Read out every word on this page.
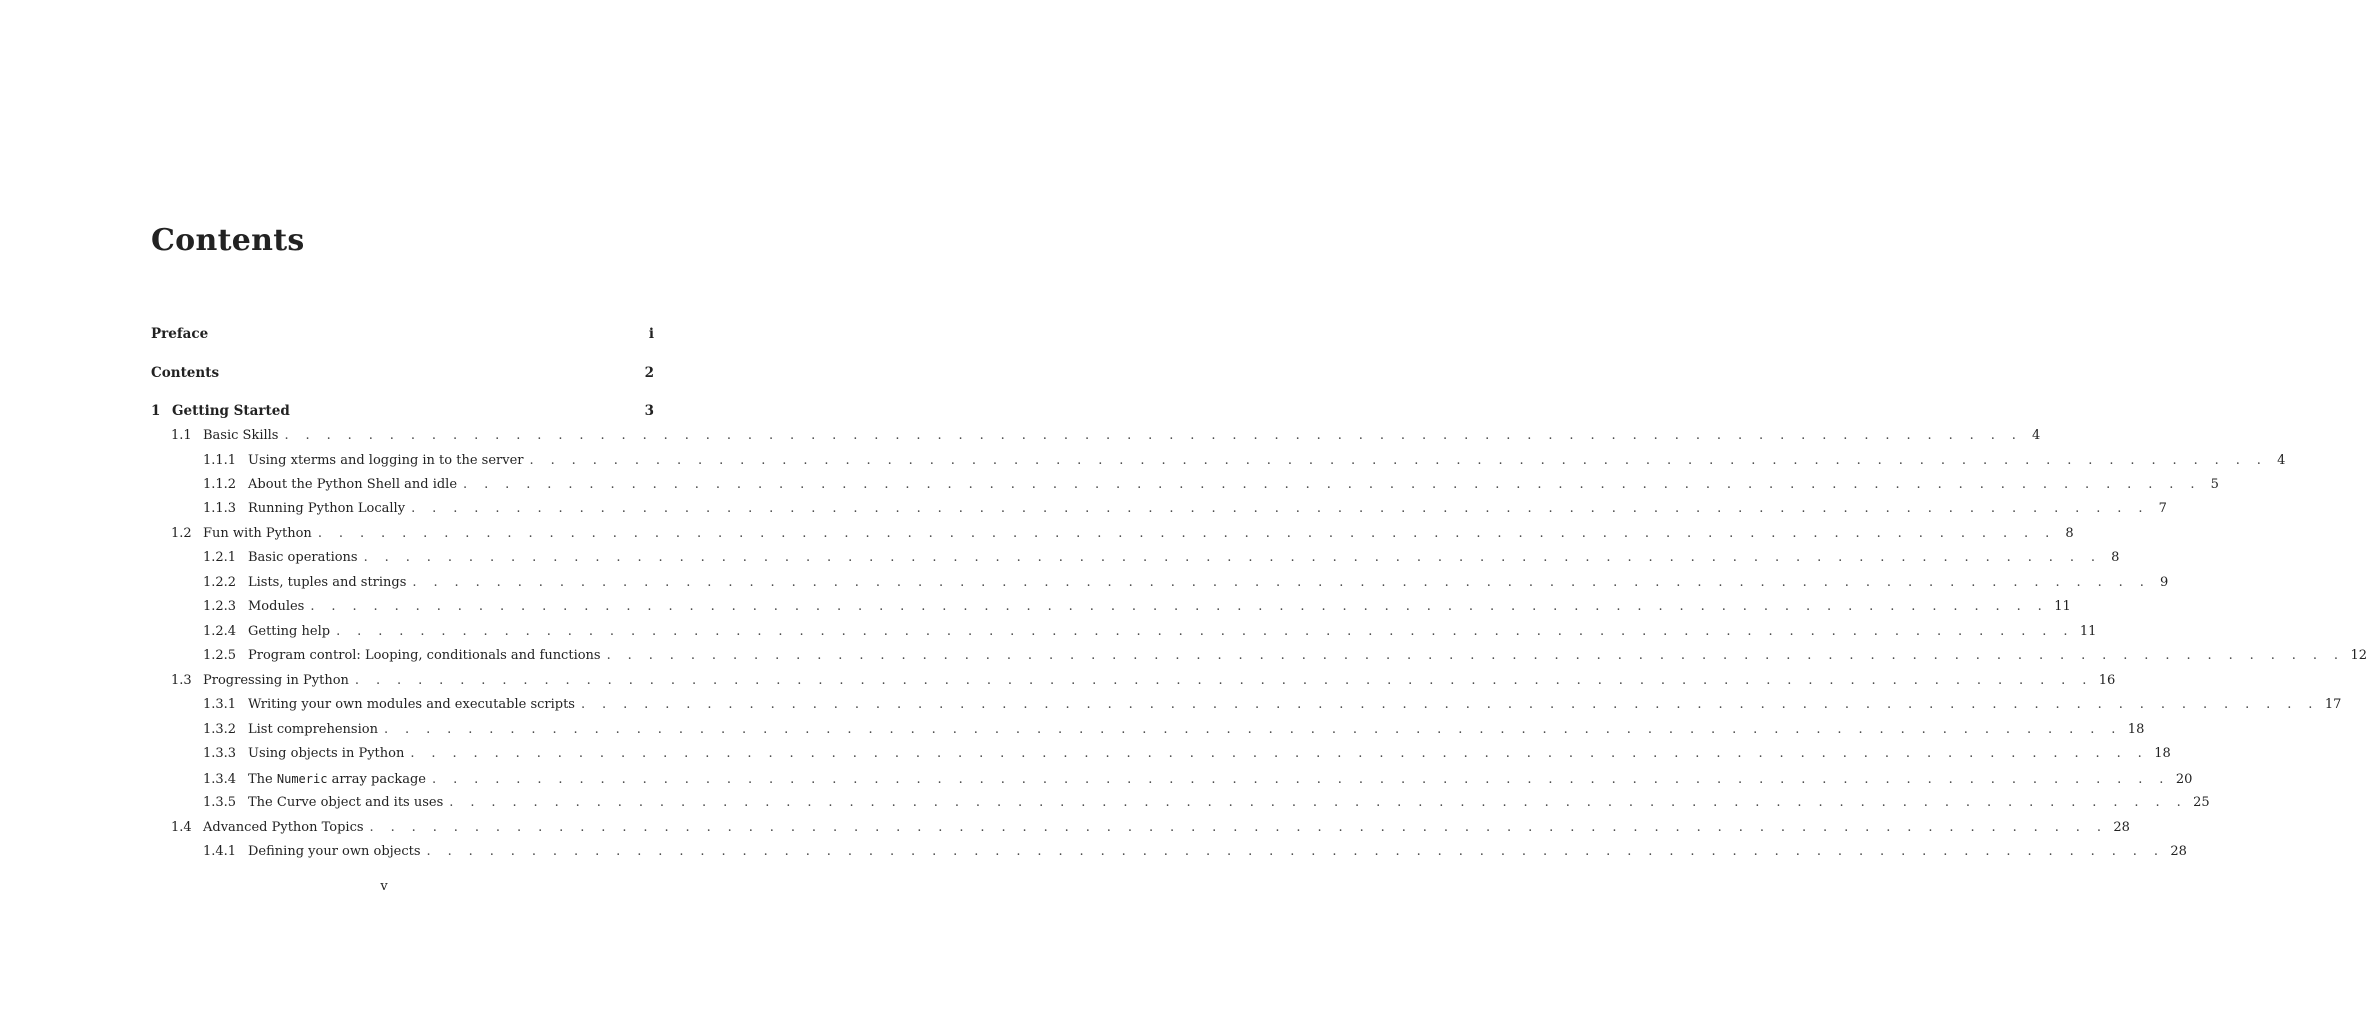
Contents
Preface	i
Contents	2
1 Getting Started	3
1.1 Basic Skills . . . . . . . . . . . . . . . . . . . . . . . . . . . . . . . . . . . . . . . . . . . . . . . . . . . . . . . . . . . . . . . . . . . . . . . . . . . . . . . . . . . 4
1.1.1 Using xterms and logging in to the server . . . . . . . . . . . . . . . . . . . . . . . . . . . . . . . . . . . . . . . . . . . . . . . . . . . . . . . . . . . . . . . . . . . . . . . . . . . . . . . . . . . 4
1.1.2 About the Python Shell and idle . . . . . . . . . . . . . . . . . . . . . . . . . . . . . . . . . . . . . . . . . . . . . . . . . . . . . . . . . . . . . . . . . . . . . . . . . . . . . . . . . . . 5
1.1.3 Running Python Locally . . . . . . . . . . . . . . . . . . . . . . . . . . . . . . . . . . . . . . . . . . . . . . . . . . . . . . . . . . . . . . . . . . . . . . . . . . . . . . . . . . . 7
1.2 Fun with Python . . . . . . . . . . . . . . . . . . . . . . . . . . . . . . . . . . . . . . . . . . . . . . . . . . . . . . . . . . . . . . . . . . . . . . . . . . . . . . . . . . . 8
1.2.1 Basic operations . . . . . . . . . . . . . . . . . . . . . . . . . . . . . . . . . . . . . . . . . . . . . . . . . . . . . . . . . . . . . . . . . . . . . . . . . . . . . . . . . . . 8
1.2.2 Lists, tuples and strings . . . . . . . . . . . . . . . . . . . . . . . . . . . . . . . . . . . . . . . . . . . . . . . . . . . . . . . . . . . . . . . . . . . . . . . . . . . . . . . . . . . 9
1.2.3 Modules . . . . . . . . . . . . . . . . . . . . . . . . . . . . . . . . . . . . . . . . . . . . . . . . . . . . . . . . . . . . . . . . . . . . . . . . . . . . . . . . . . . 11
1.2.4 Getting help . . . . . . . . . . . . . . . . . . . . . . . . . . . . . . . . . . . . . . . . . . . . . . . . . . . . . . . . . . . . . . . . . . . . . . . . . . . . . . . . . . . 11
1.2.5 Program control: Looping, conditionals and functions . . . . . . . . . . . . . . . . . . . . . . . . . . . . . . . . . . . . . . . . . . . . . . . . . . . . . . . . . . . . . . . . . . . . . . . . . . . . . . . . . . . 12
1.3 Progressing in Python . . . . . . . . . . . . . . . . . . . . . . . . . . . . . . . . . . . . . . . . . . . . . . . . . . . . . . . . . . . . . . . . . . . . . . . . . . . . . . . . . . . 16
1.3.1 Writing your own modules and executable scripts . . . . . . . . . . . . . . . . . . . . . . . . . . . . . . . . . . . . . . . . . . . . . . . . . . . . . . . . . . . . . . . . . . . . . . . . . . . . . . . . . . . 17
1.3.2 List comprehension . . . . . . . . . . . . . . . . . . . . . . . . . . . . . . . . . . . . . . . . . . . . . . . . . . . . . . . . . . . . . . . . . . . . . . . . . . . . . . . . . . . 18
1.3.3 Using objects in Python . . . . . . . . . . . . . . . . . . . . . . . . . . . . . . . . . . . . . . . . . . . . . . . . . . . . . . . . . . . . . . . . . . . . . . . . . . . . . . . . . . . 18
1.3.4 The Numeric array package . . . . . . . . . . . . . . . . . . . . . . . . . . . . . . . . . . . . . . . . . . . . . . . . . . . . . . . . . . . . . . . . . . . . . . . . . . . . . . . . . . . 20
1.3.5 The Curve object and its uses . . . . . . . . . . . . . . . . . . . . . . . . . . . . . . . . . . . . . . . . . . . . . . . . . . . . . . . . . . . . . . . . . . . . . . . . . . . . . . . . . . . 25
1.4 Advanced Python Topics . . . . . . . . . . . . . . . . . . . . . . . . . . . . . . . . . . . . . . . . . . . . . . . . . . . . . . . . . . . . . . . . . . . . . . . . . . . . . . . . . . . 28
1.4.1 Defining your own objects . . . . . . . . . . . . . . . . . . . . . . . . . . . . . . . . . . . . . . . . . . . . . . . . . . . . . . . . . . . . . . . . . . . . . . . . . . . . . . . . . . . 28
v
